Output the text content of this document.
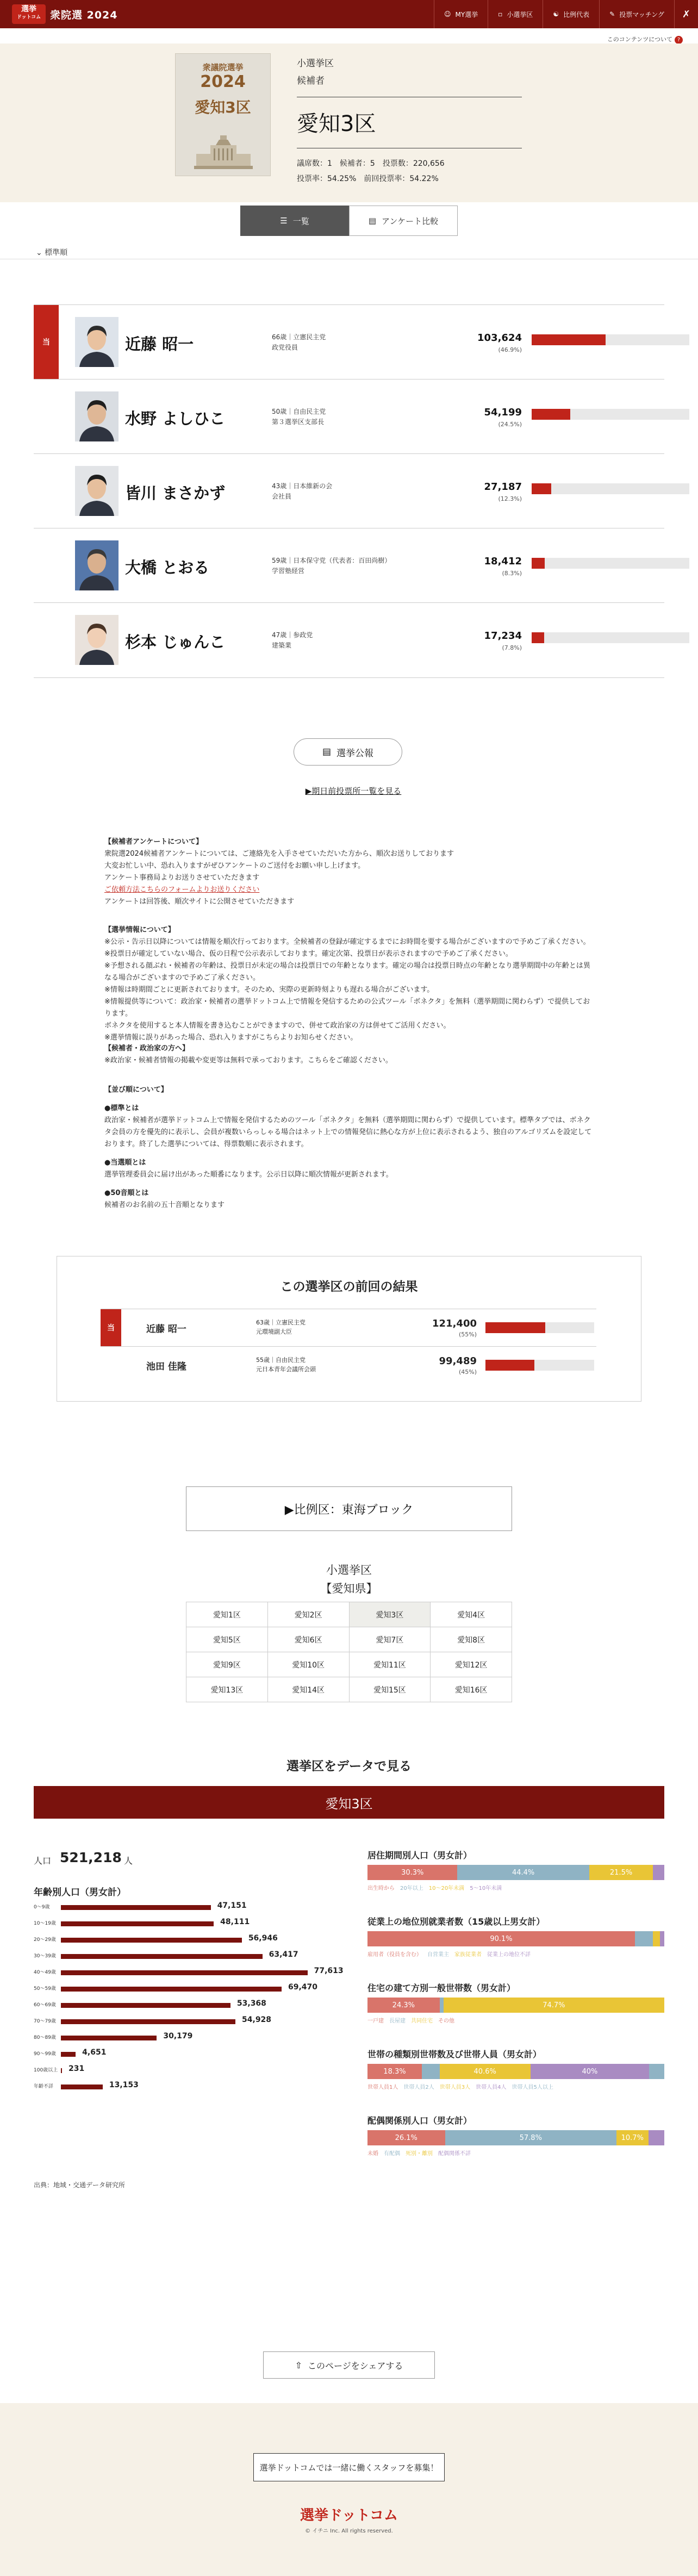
選挙
ドットコム 衆院選 2024	☺ MY選挙	▫ 小選挙区	☯ 比例代表	✎ 投票マッチング ✗
このコンテンツについて ?
衆議院選挙
2024
愛知3区
小選挙区
候補者
愛知3区
議席数：1　候補者：5　投票数：220,656
投票率：54.25%　前回投票率：54.22%
☰ 一覧	▤ アンケート比較
⌄ 標準順
当	近藤 昭一	66歳｜立憲民主党
政党役員
103,624
(46.9%)
水野 よしひこ	50歳｜自由民主党
第３選挙区支部長
54,199
(24.5%)
皆川 まさかず	43歳｜日本維新の会
会社員
27,187
(12.3%)
大橋 とおる	59歳｜日本保守党（代表者：百田尚樹）
学習塾経営
18,412
(8.3%)
杉本 じゅんこ	47歳｜参政党
建築業
17,234
(7.8%)
▤ 選挙公報
▶期日前投票所一覧を見る
【候補者アンケートについて】
衆院選2024候補者アンケートについては、ご連絡先を入手させていただいた方から、順次お送りしております
大変お忙しい中、恐れ入りますがぜひアンケートのご送付をお願い申し上げます。
アンケート事務局よりお送りさせていただきます
ご依頼方法こちらのフォームよりお送りください
アンケートは回答後、順次サイトに公開させていただきます
【選挙情報について】
※公示・告示日以降については情報を順次行っております。全候補者の登録が確定するまでにお時間を要する場合がございますので予めご了承ください。
※投票日が確定していない場合、仮の日程で公示表示しております。確定次第、投票日が表示されますので予めご了承ください。
※予想される顔ぶれ・候補者の年齢は、投票日が未定の場合は投票日での年齢となります。確定の場合は投票日時点の年齢となり選挙期間中の年齢とは異なる場合がございますので予めご了承ください。
※情報は時期間ごとに更新されております。そのため、実際の更新時刻よりも遅れる場合がございます。
※情報提供等について：政治家・候補者の選挙ドットコム上で情報を発信するための公式ツール「ボネクタ」を無料（選挙期間に関わらず）で提供しております。
ボネクタを使用すると本人情報を書き込むことができますので、併せて政治家の方は併せてご活用ください。
※選挙情報に誤りがあった場合、恐れ入りますがこちらよりお知らせください。
【候補者・政治家の方へ】
※政治家・候補者情報の掲載や変更等は無料で承っております。こちらをご確認ください。
【並び順について】
●標準とは
政治家・候補者が選挙ドットコム上で情報を発信するためのツール「ボネクタ」を無料（選挙期間に関わらず）で提供しています。標準タブでは、ボネクタ会員の方を優先的に表示し、会員が複数いらっしゃる場合はネット上での情報発信に熱心な方が上位に表示されるよう、独自のアルゴリズムを設定しております。終了した選挙については、得票数順に表示されます。
●当選順とは
選挙管理委員会に届け出があった順番になります。公示日以降に順次情報が更新されます。
●50音順とは
候補者のお名前の五十音順となります
当	近藤 昭一
63歳｜立憲民主党
元環境副大臣
121,400
(55%)
池田 佳隆
55歳｜自由民主党
元日本青年会議所会頭
99,489
(45%)
この選挙区の前回の結果
▶比例区：東海ブロック
小選挙区
【愛知県】
愛知1区	愛知2区	愛知3区	愛知4区
愛知5区	愛知6区	愛知7区	愛知8区
愛知9区	愛知10区	愛知11区	愛知12区
愛知13区	愛知14区	愛知15区	愛知16区
選挙区をデータで見る
愛知3区
人口 521,218 人
年齢別人口（男女計）
0〜9歳	47,151
10〜19歳	48,111
20〜29歳	56,946
30〜39歳	63,417
40〜49歳	77,613
50〜59歳	69,470
60〜69歳	53,368
70〜79歳	54,928
80〜89歳	30,179
90〜99歳	4,651
100歳以上 231
年齢不詳	13,153
居住期間別人口（男女計）
30.3%	44.4%	21.5%
出生時から 20年以上 10〜20年未満 5〜10年未満
従業上の地位別就業者数（15歳以上男女計）
90.1%
雇用者（役員を含む） 自営業主 家族従業者 従業上の地位不詳
住宅の建て方別一般世帯数（男女計）
24.3%	74.7%
一戸建 長屋建 共同住宅 その他
世帯の種類別世帯数及び世帯人員（男女計）
18.3%	40.6%	40%
世帯人員1人 世帯人員2人 世帯人員3人 世帯人員4人 世帯人員5人以上
配偶関係別人口（男女計）
26.1%	57.8%	10.7%
未婚 有配偶 死別・離別 配偶関係不詳
出典：地域・交通データ研究所
⇧ このページをシェアする
選挙ドットコムでは一緒に働くスタッフを募集！
選挙ドットコム
© イチニ Inc. All rights reserved.
